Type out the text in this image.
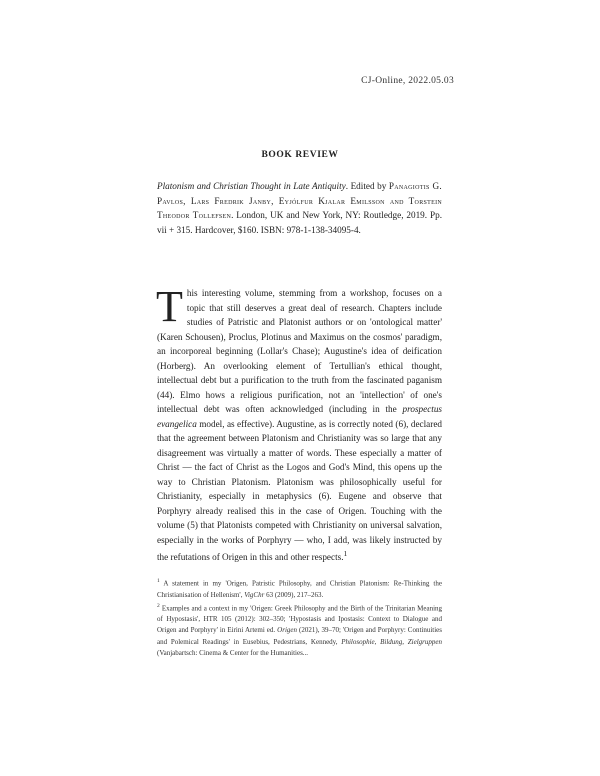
CJ-Online, 2022.05.03
BOOK REVIEW
Platonism and Christian Thought in Late Antiquity. Edited by Panagiotis G. Pavlos, Lars Fredrik Janby, Eyjólfur Kjalar Emilsson and Torstein Theodor Tollefsen. London, UK and New York, NY: Routledge, 2019. Pp. vii + 315. Hardcover, $160. ISBN: 978-1-138-34095-4.
This interesting volume, stemming from a workshop, focuses on a topic that still deserves a great deal of research. Chapters include studies of Patristic and Platonist authors or on 'ontological matter' (Karen Schousen), Proclus, Plotinus and Maximus on the cosmos' paradigm, an incorporeal beginning (Lollar's Chase); Augustine's idea of deification (Horberg). An overlooking element of Tertullian's ethical thought, intellectual debt but a purification to the truth from the fascinated paganism (44). Elmo hows a religious purification, not an 'intellection' of one's intellectual debt was often acknowledged (including in the prospectus evangelica model, as effective). Augustine, as is correctly noted (6), declared that the agreement between Platonism and Christianity was so large that any disagreement was virtually a matter of words. These especially a matter of Christ — the fact of Christ as the Logos and God's Mind, this opens up the way to Christian Platonism. Platonism was philosophically useful for Christianity, especially in metaphysics (6). Eugene and observe that Porphyry already realised this in the case of Origen. Touching with the volume (5) that Platonists competed with Christianity on universal salvation, especially in the works of Porphyry — who, I add, was likely instructed by the refutations of Origen in this and other respects.$^1$

$^1$ A statement in my 'Origen, Patristic Philosophy, and Christian Platonism: Re-Thinking the Christianisation of Hellenism', VigChr 63 (2009), 217–263.

$^2$ Examples and a context in my 'Origen: Greek Philosophy and the Birth of the Trinitarian Meaning of Hypostasis', HTR 105 (2012): 302–350; 'Hypostasis and Ipostasis: Context to Dialogue and Origen and Porphyry' in Eirini Artemi ed. Origen (2021), 39–70; 'Origen and Porphyry: Continuities and Polemical Readings' in Eusebius, Pedestrians, Kennedy, Philosophie, Bildung, Zielgruppen (Vanjabartsch: Cinema & Center for the Humanities...
